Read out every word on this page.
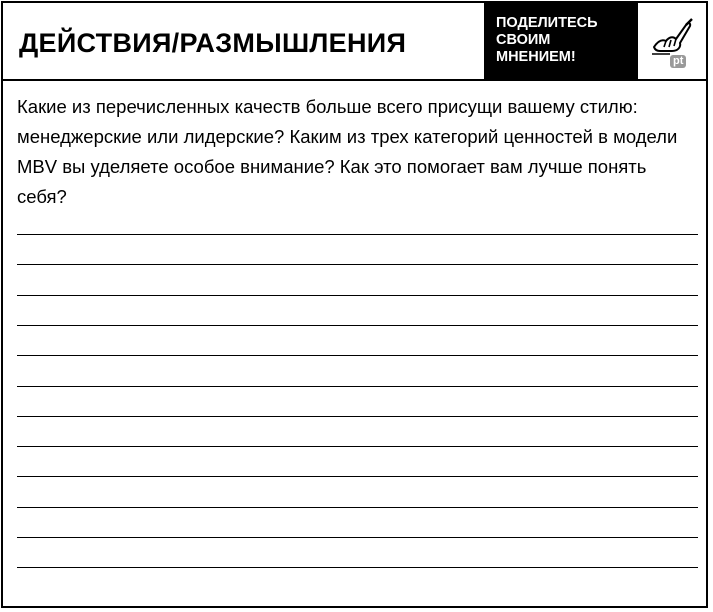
ДЕЙСТВИЯ/РАЗМЫШЛЕНИЯ
ПОДЕЛИТЕСЬ
СВОИМ
МНЕНИЕМ!	pt
Какие из перечисленных качеств больше всего присущи вашему стилю: менеджерские или лидерские? Каким из трех категорий ценностей в модели MBV вы уделяете особое внимание? Как это помогает вам лучше понять себя?
